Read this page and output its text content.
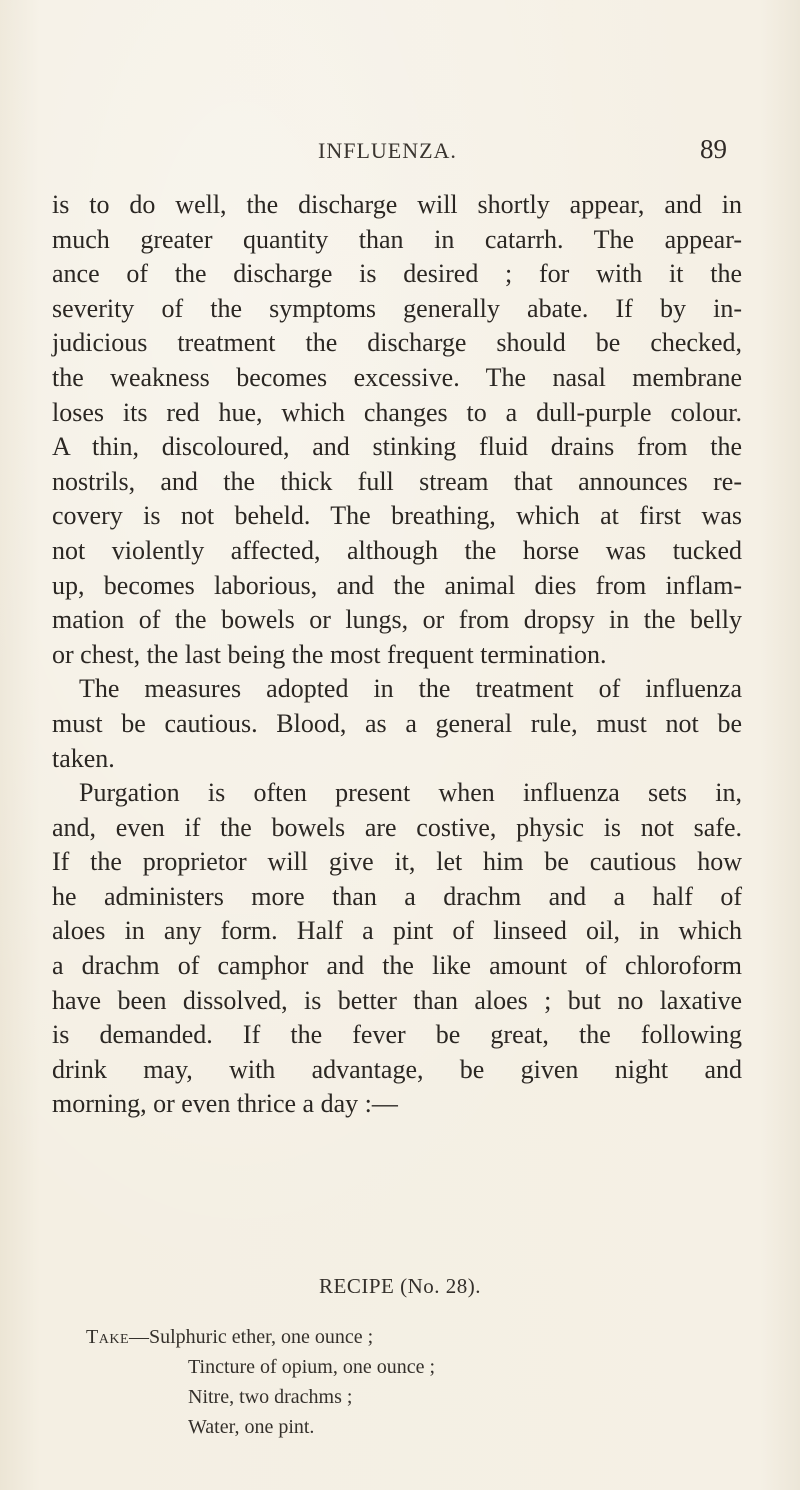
INFLUENZA.	89
is to do well, the discharge will shortly appear, and in
much greater quantity than in catarrh. The appear-
ance of the discharge is desired ; for with it the
severity of the symptoms generally abate. If by in-
judicious treatment the discharge should be checked,
the weakness becomes excessive. The nasal membrane
loses its red hue, which changes to a dull-purple colour.
A thin, discoloured, and stinking fluid drains from the
nostrils, and the thick full stream that announces re-
covery is not beheld. The breathing, which at first was
not violently affected, although the horse was tucked
up, becomes laborious, and the animal dies from inflam-
mation of the bowels or lungs, or from dropsy in the belly
or chest, the last being the most frequent termination.
The measures adopted in the treatment of influenza
must be cautious. Blood, as a general rule, must not be
taken.
Purgation is often present when influenza sets in,
and, even if the bowels are costive, physic is not safe.
If the proprietor will give it, let him be cautious how
he administers more than a drachm and a half of
aloes in any form. Half a pint of linseed oil, in which
a drachm of camphor and the like amount of chloroform
have been dissolved, is better than aloes ; but no laxative
is demanded. If the fever be great, the following
drink may, with advantage, be given night and
morning, or even thrice a day :—
RECIPE (No. 28).
Take—Sulphuric ether, one ounce ;
Tincture of opium, one ounce ;
Nitre, two drachms ;
Water, one pint.
